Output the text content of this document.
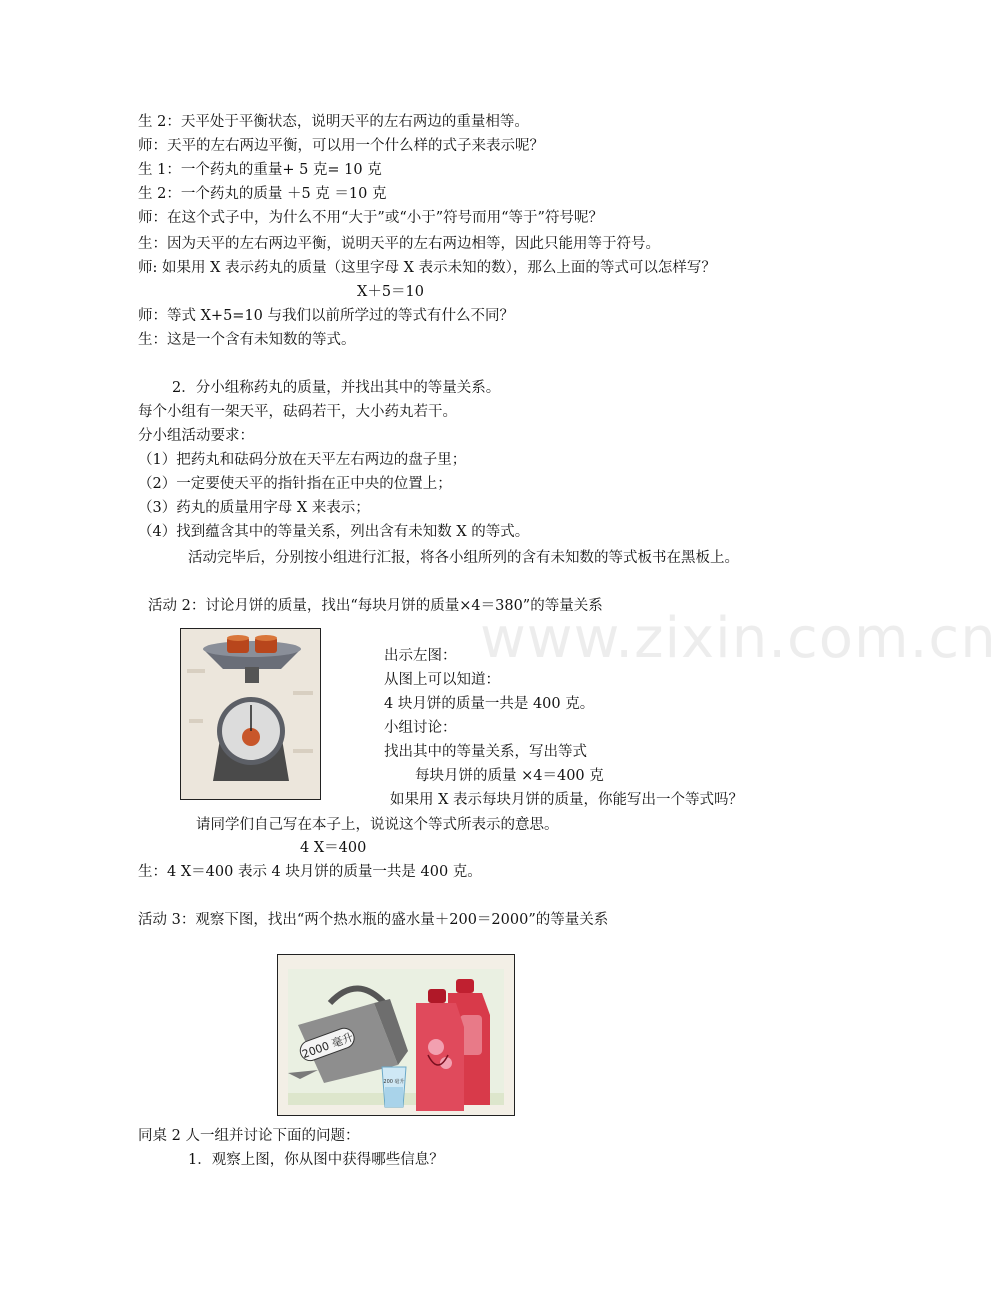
www.zixin.com.cn
生 2：天平处于平衡状态，说明天平的左右两边的重量相等。
师：天平的左右两边平衡，可以用一个什么样的式子来表示呢？
生 1：一个药丸的重量+ 5 克= 10 克
生 2：一个药丸的质量 ＋5 克 ＝10 克
师：在这个式子中，为什么不用“大于”或“小于”符号而用“等于”符号呢？
生：因为天平的左右两边平衡，说明天平的左右两边相等，因此只能用等于符号。
师: 如果用 X 表示药丸的质量（这里字母 X 表示未知的数），那么上面的等式可以怎样写？
X＋5＝10
师：等式 X+5=10 与我们以前所学过的等式有什么不同？
生：这是一个含有未知数的等式。
2．分小组称药丸的质量，并找出其中的等量关系。
每个小组有一架天平，砝码若干，大小药丸若干。
分小组活动要求：
（1）把药丸和砝码分放在天平左右两边的盘子里；
（2）一定要使天平的指针指在正中央的位置上；
（3）药丸的质量用字母 X 来表示；
（4）找到蕴含其中的等量关系，列出含有未知数 X 的等式。
活动完毕后，分别按小组进行汇报，将各小组所列的含有未知数的等式板书在黑板上。
活动 2：讨论月饼的质量，找出“每块月饼的质量×4＝380”的等量关系
出示左图：
从图上可以知道：
4 块月饼的质量一共是 400 克。
小组讨论：
找出其中的等量关系，写出等式
每块月饼的质量 ×4＝400 克
如果用 X 表示每块月饼的质量，你能写出一个等式吗？
请同学们自己写在本子上，说说这个等式所表示的意思。
4 X＝400
生：4 X＝400 表示 4 块月饼的质量一共是 400 克。
活动 3：观察下图，找出“两个热水瓶的盛水量＋200＝2000”的等量关系
2000 毫升
200 毫升
同桌 2 人一组并讨论下面的问题：
1．观察上图，你从图中获得哪些信息？
